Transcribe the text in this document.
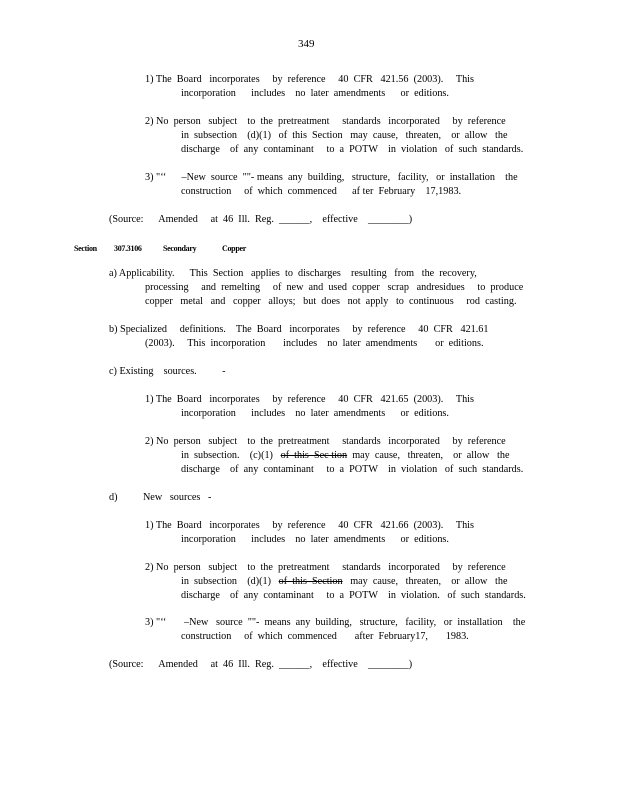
349
1) The  Board   incorporates     by  reference     40  CFR   421.56  (2003).     This
incorporation      includes    no  later  amendments      or  editions.
2) No  person   subject    to  the  pretreatment     standards   incorporated     by  reference
in  subsection    (d)(1)   of  this  Section   may  cause,   threaten,    or  allow   the
discharge    of  any  contaminant     to  a  POTW    in  violation   of  such  standards.
3) "‘‘      –New  source  ""- means  any  building,   structure,   facility,   or  installation    the
construction     of  which  commenced      af ter  February    17,1983.
(Source:      Amended     at  46  Ill.  Reg.  ______,    effective    ________)
Section 307.3106	Secondary	Copper
a) Applicability.      This  Section   applies  to  discharges    resulting   from   the  recovery,
processing     and  remelting     of  new  and  used  copper   scrap   andresidues     to  produce
copper   metal   and   copper   alloys;   but  does   not  apply   to  continuous     rod  casting.
b) Specialized     definitions.    The  Board   incorporates     by  reference     40  CFR   421.61
(2003).     This  incorporation       includes    no  later  amendments       or  editions.
c) Existing    sources.          -
1) The  Board   incorporates     by  reference     40  CFR   421.65  (2003).     This
incorporation      includes    no  later  amendments      or  editions.
2) No  person   subject    to  the  pretreatment     standards   incorporated     by  reference
in  subsection.    (c)(1)   of  this  Sec tion  may  cause,   threaten,    or  allow   the
discharge    of  any  contaminant     to  a  POTW    in  violation   of  such  standards.
d)          New   sources   -
1) The  Board   incorporates     by  reference     40  CFR   421.66  (2003).     This
incorporation      includes    no  later  amendments      or  editions.
2) No  person   subject    to  the  pretreatment     standards   incorporated     by  reference
in  subsection    (d)(1)   of  this  Section   may  cause,   threaten,    or  allow   the
discharge    of  any  contaminant     to  a  POTW    in  violation.   of  such  standards.
3) "‘‘       –New   source  ""-  means  any  building,   structure,   facility,   or  installation    the
construction     of  which  commenced       after  February17,       1983.
(Source:      Amended     at  46  Ill.  Reg.  ______,    effective    ________)
